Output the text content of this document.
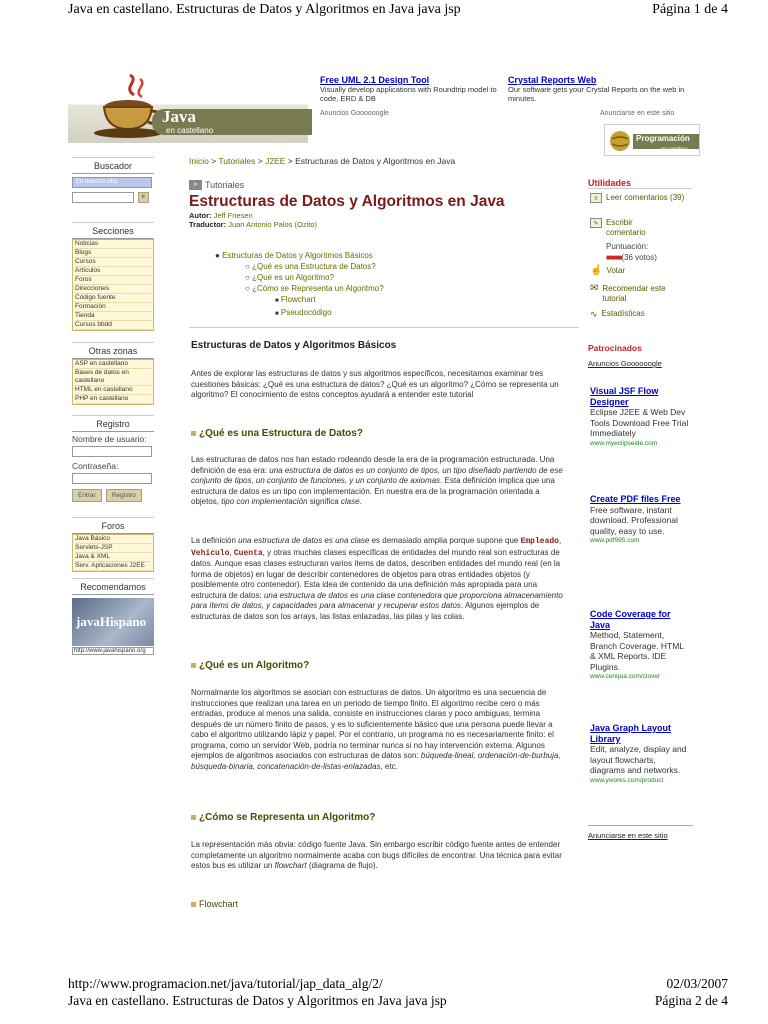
Java en castellano. Estructuras de Datos y Algoritmos en Java java jsp	Página 1 de 4
Java
en castellano
Free UML 2.1 Design Tool
Visually develop applications with Roundtrip model to code, ERD & DB
Crystal Reports Web
Our software gets your Crystal Reports on the web in minutes.
Anuncios Goooooogle	Anunciarse en este sitio
Programación
en castellano
Inicio > Tutoriales > J2EE > Estructuras de Datos y Algoritmos en Java
Buscador
En nuestro sitio
Ir
Secciones
Noticias
Blogs
Cursos
Artículos
Foros
Direcciones
Código fuente
Formación
Tienda
Cursos bbdd
Otras zonas
ASP en castellano
Bases de datos en castellano
HTML en castellano
PHP en castellano
Registro
Nombre de usuario:
Contraseña:
Entrar Registro
Foros
Java Básico
Servlets-JSP
Java & XML
Serv. Aplicaciones J2EE
Recomendamos
javaHispano
http://www.javahispano.org
» Tutoriales
Estructuras de Datos y Algoritmos en Java
Autor: Jeff Friesen
Traductor: Juan Antonio Palos (Ozito)
● Estructuras de Datos y Algoritmos Básicos
○ ¿Qué es una Estructura de Datos?
○ ¿Qué es un Algoritmo?
○ ¿Cómo se Representa un Algoritmo?
■ Flowchart
■ Pseudocódigo
Estructuras de Datos y Algoritmos Básicos
Antes de explorar las estructuras de datos y sus algoritmos específicos, necesitamos examinar tres cuestiones básicas: ¿Qué es una estructura de datos? ¿Qué es un algoritmo? ¿Cómo se representa un algoritmo? El conocimiento de estos conceptos ayudará a entender este tutorial
¿Qué es una Estructura de Datos?
Las estructuras de datos nos han estado rodeando desde la era de la programación estructurada. Una definición de esa era: una estructura de datos es un conjunto de tipos, un tipo diseñado partiendo de ese conjunto de tipos, un conjunto de funciones, y un conjunto de axiomas. Esta definición implica que una estructura de datos es un tipo con implementación. En nuestra era de la programación orientada a objetos, tipo con implementación significa clase.
La definición una estructura de datos es una clase es demasiado amplia porque supone que Empleado, Vehículo, Cuenta, y otras muchas clases específicas de entidades del mundo real son estructuras de datos. Aunque esas clases estructuran varios ítems de datos, describen entidades del mundo real (en la forma de objetos) en lugar de describir contenedores de objetos para otras entidades objetos (y posiblemente otro contenedor). Esta idea de contenido da una definición más apropiada para una estructura de datos: una estructura de datos es una clase contenedora que proporciona almacenamiento para ítems de datos, y capacidades para almacenar y recuperar estos datos. Algunos ejemplos de estructuras de datos son los arrays, las listas enlazadas, las pilas y las colas.
¿Qué es un Algoritmo?
Normalmante los algoritmos se asocian con estructuras de datos. Un algoritmo es una secuencia de instrucciones que realizan una tarea en un periodo de tiempo finito. El algoritmo recibe cero o más entradas, produce al menos una salida, consiste en instrucciones claras y poco ambiguas, termina después de un número finito de pasos, y es lo suficientemente básico que una persona puede llevar a cabo el algoritmo utilizando lápiz y papel. Por el contrario, un programa no es necesariamente finito: el programa, como un servidor Web, podría no terminar nunca si no hay intervención externa. Algunos ejemplos de algoritmos asociados con estructuras de datos son: búqueda-lineal, ordenación-de-burbuja, búsqueda-binaria, concatenación-de-listas-enlazadas, etc.
¿Cómo se Representa un Algoritmo?
La representación más obvia: código fuente Java. Sin embargo escribir código fuente antes de entender completamente un algoritmo normalmente acaba con bugs difíciles de encontrar. Una técnica para evitar estos bus es utilizar un flowchart (diagrama de flujo).
Flowchart
Utilidades
≡	Leer comentarios (39)
✎ Escribir comentario
Puntuación:
■■■■(36 votos)
☝ Votar
✉ Recomendar este tutorial
∿ Estadísticas
Patrocinados
Anuncios Goooooogle
Visual JSF Flow Designer
Eclipse J2EE & Web Dev Tools Download Free Trial Immediately
www.myeclipseide.com
Create PDF files Free
Free software, instant download. Professional quality, easy to use.
www.pdf995.com
Code Coverage for Java
Method, Statement, Branch Coverage. HTML & XML Reports. IDE Plugins.
www.cenqua.com/clover
Java Graph Layout Library
Edit, analyze, display and layout flowcharts, diagrams and networks.
www.yworks.com/product
Anunciarse en este sitio
http://www.programacion.net/java/tutorial/jap_data_alg/2/	02/03/2007
Java en castellano. Estructuras de Datos y Algoritmos en Java java jsp	Página 2 de 4
